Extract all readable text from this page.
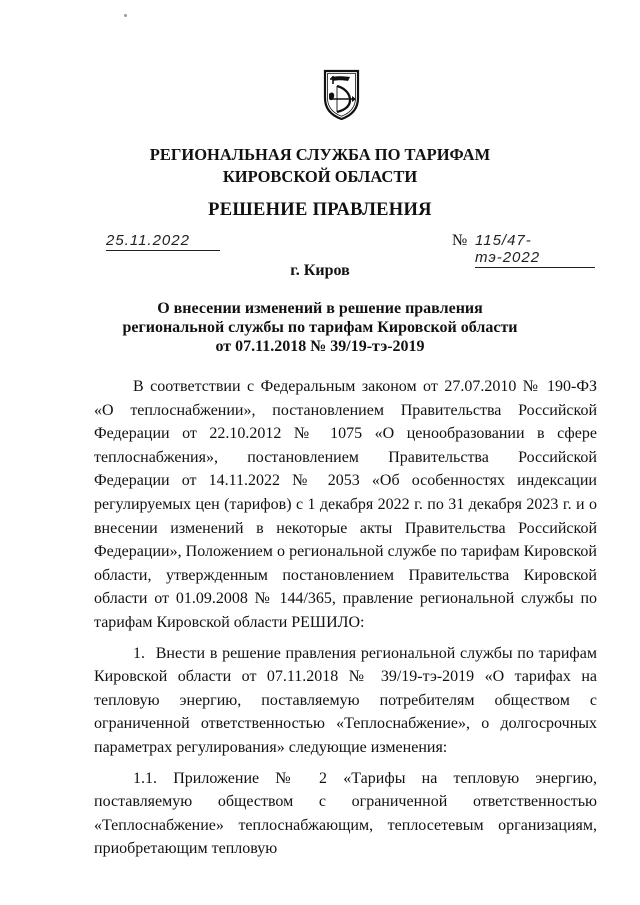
РЕГИОНАЛЬНАЯ СЛУЖБА ПО ТАРИФАМ
КИРОВСКОЙ ОБЛАСТИ
РЕШЕНИЕ ПРАВЛЕНИЯ
25.11.2022	№ 115/47-тэ-2022
г. Киров
О внесении изменений в решение правления
региональной службы по тарифам Кировской области
от 07.11.2018 № 39/19-тэ-2019

В соответствии с Федеральным законом от 27.07.2010 № 190-ФЗ «О теплоснабжении», постановлением Правительства Российской Федерации от 22.10.2012 № 1075 «О ценообразовании в сфере теплоснабжения», постановлением Правительства Российской Федерации от 14.11.2022 № 2053 «Об особенностях индексации регулируемых цен (тарифов) с 1 декабря 2022 г. по 31 декабря 2023 г. и о внесении изменений в некоторые акты Правительства Российской Федерации», Положением о региональной службе по тарифам Кировской области, утвержденным постановлением Правительства Кировской области от 01.09.2008 № 144/365, правление региональной службы по тарифам Кировской области РЕШИЛО:

1. Внести в решение правления региональной службы по тарифам Кировской области от 07.11.2018 № 39/19-тэ-2019 «О тарифах на тепловую энергию, поставляемую потребителям обществом с ограниченной ответственностью «Теплоснабжение», о долгосрочных параметрах регулирования» следующие изменения:

1.1. Приложение № 2 «Тарифы на тепловую энергию, поставляемую обществом с ограниченной ответственностью «Теплоснабжение» теплоснабжающим, теплосетевым организациям, приобретающим тепловую
